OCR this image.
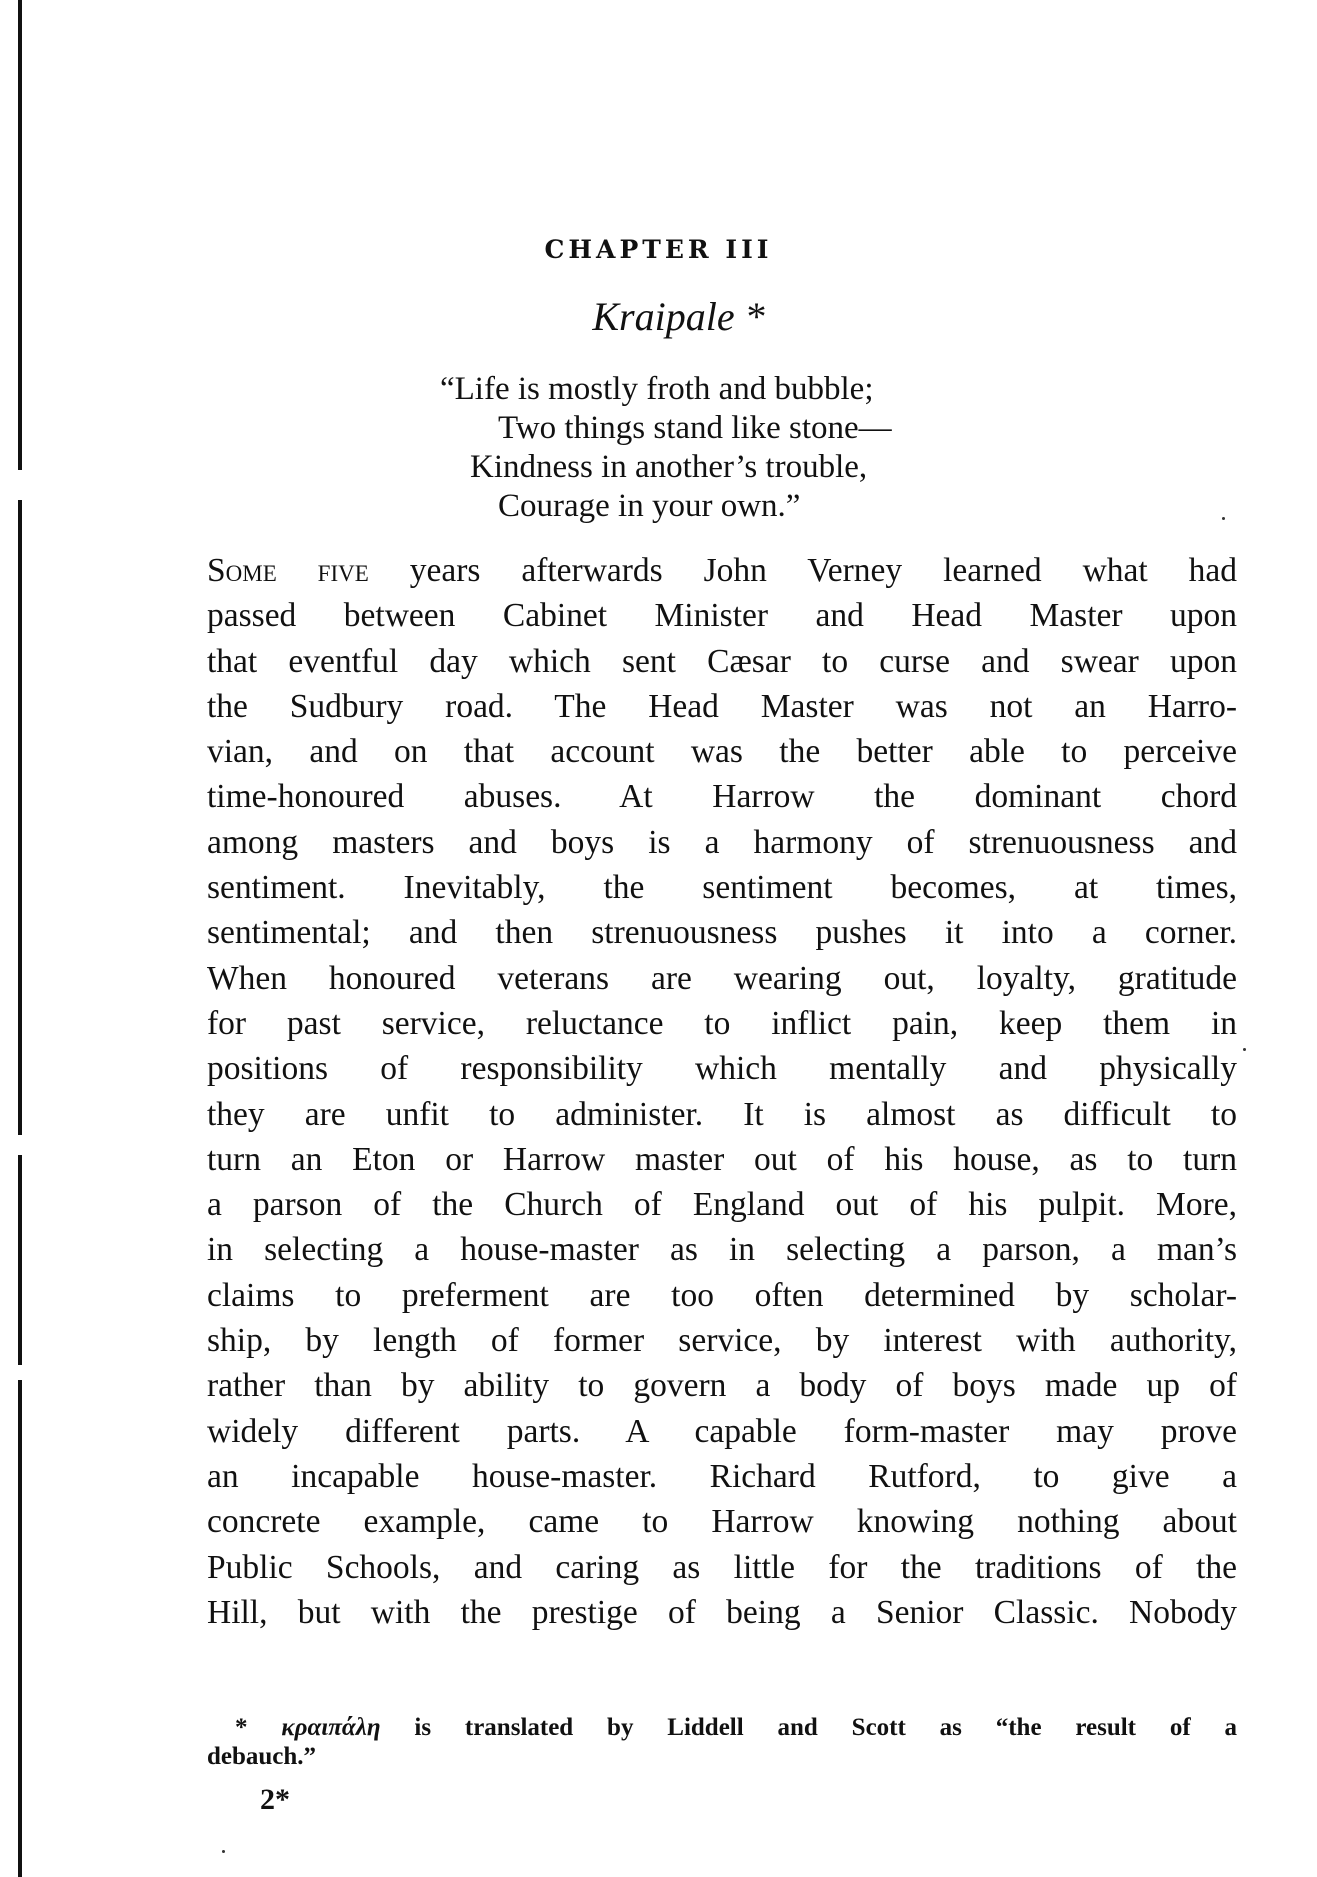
CHAPTER III
Kraipale *
“Life is mostly froth and bubble;
Two things stand like stone—
Kindness in another’s trouble,
Courage in your own.”
Some five years afterwards John Verney learned what had
passed between Cabinet Minister and Head Master upon
that eventful day which sent Cæsar to curse and swear upon
the Sudbury road. The Head Master was not an Harro-
vian, and on that account was the better able to perceive
time-honoured abuses. At Harrow the dominant chord
among masters and boys is a harmony of strenuousness and
sentiment. Inevitably, the sentiment becomes, at times,
sentimental; and then strenuousness pushes it into a corner.
When honoured veterans are wearing out, loyalty, gratitude
for past service, reluctance to inflict pain, keep them in
positions of responsibility which mentally and physically
they are unfit to administer. It is almost as difficult to
turn an Eton or Harrow master out of his house, as to turn
a parson of the Church of England out of his pulpit. More,
in selecting a house-master as in selecting a parson, a man’s
claims to preferment are too often determined by scholar-
ship, by length of former service, by interest with authority,
rather than by ability to govern a body of boys made up of
widely different parts. A capable form-master may prove
an incapable house-master. Richard Rutford, to give a
concrete example, came to Harrow knowing nothing about
Public Schools, and caring as little for the traditions of the
Hill, but with the prestige of being a Senior Classic. Nobody
* κραιπάλη is translated by Liddell and Scott as “the result of a
debauch.”
2*
